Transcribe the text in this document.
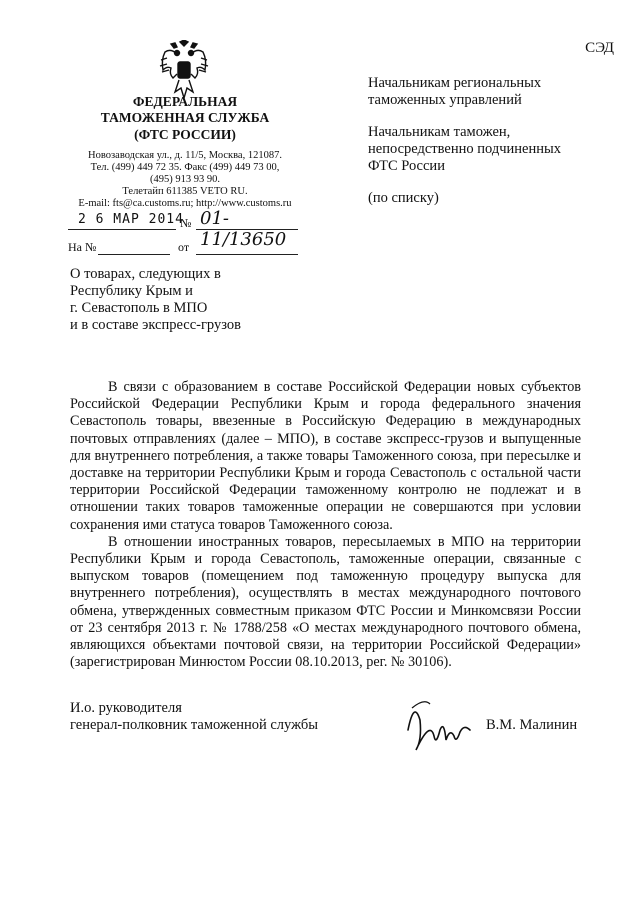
СЭД
ФЕДЕРАЛЬНАЯ
ТАМОЖЕННАЯ СЛУЖБА
(ФТС РОССИИ)
Новозаводская ул., д. 11/5, Москва, 121087.
Тел. (499) 449 72 35. Факс (499) 449 73 00,
(495) 913 93 90.
Телетайп 611385 VETO RU.
E-mail: fts@ca.customs.ru; http://www.customs.ru
2 6 МАР 2014
№ 01-11/13650
На №	от
Начальникам региональных
таможенных управлений
Начальникам таможен,
непосредственно подчиненных
ФТС России
(по списку)
О товарах, следующих в
Республику Крым и
г. Севастополь в МПО
и в составе экспресс-грузов
В связи с образованием в составе Российской Федерации новых субъектов Российской Федерации Республики Крым и города федерального значения Севастополь товары, ввезенные в Российскую Федерацию в международных почтовых отправлениях (далее – МПО), в составе экспресс-грузов и выпущенные для внутреннего потребления, а также товары Таможенного союза, при пересылке и доставке на территории Республики Крым и города Севастополь с остальной части территории Российской Федерации таможенному контролю не подлежат и в отношении таких товаров таможенные операции не совершаются при условии сохранения ими статуса товаров Таможенного союза.
В отношении иностранных товаров, пересылаемых в МПО на территории Республики Крым и города Севастополь, таможенные операции, связанные с выпуском товаров (помещением под таможенную процедуру выпуска для внутреннего потребления), осуществлять в местах международного почтового обмена, утвержденных совместным приказом ФТС России и Минкомсвязи России от 23 сентября 2013 г. № 1788/258 «О местах международного почтового обмена, являющихся объектами почтовой связи, на территории Российской Федерации» (зарегистрирован Минюстом России 08.10.2013, рег. № 30106).
И.о. руководителя
генерал-полковник таможенной службы	В.М. Малинин
